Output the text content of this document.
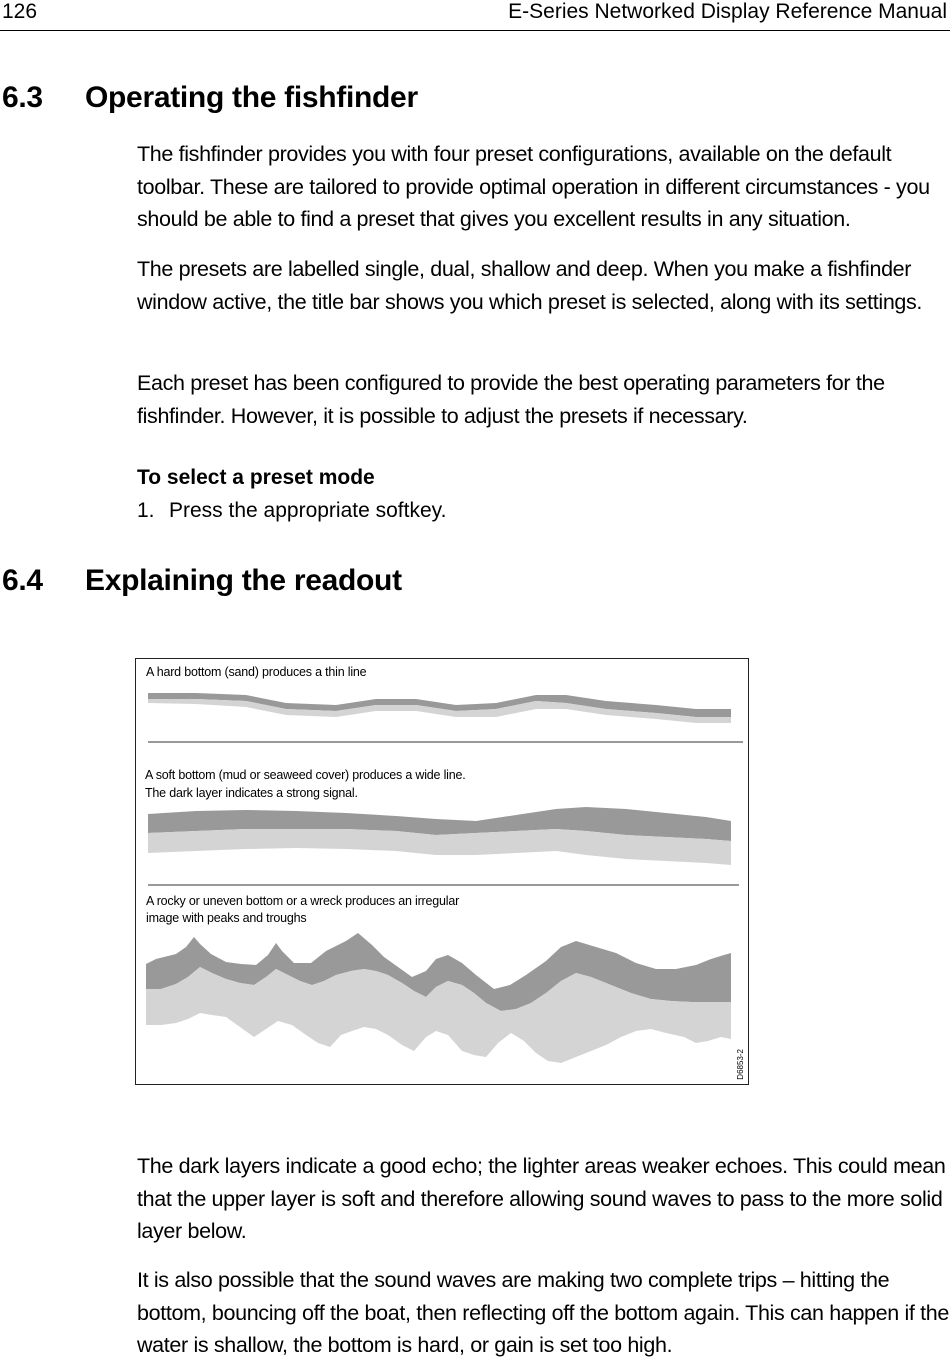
126	E-Series Networked Display Reference Manual
6.3 Operating the fishfinder

The fishfinder provides you with four preset configurations, available on the default toolbar. These are tailored to provide optimal operation in different circumstances - you should be able to find a preset that gives you excellent results in any situation.

The presets are labelled single, dual, shallow and deep. When you make a fishfinder window active, the title bar shows you which preset is selected, along with its settings.

Each preset has been configured to provide the best operating parameters for the fishfinder. However, it is possible to adjust the presets if necessary.

To select a preset mode

1. Press the appropriate softkey.
6.4 Explaining the readout
A hard bottom (sand) produces a thin line
A soft bottom (mud or seaweed cover) produces a wide line.
The dark layer indicates a strong signal.
A rocky or uneven bottom or a wreck produces an irregular
image with peaks and troughs
D6853-2

The dark layers indicate a good echo; the lighter areas weaker echoes. This could mean that the upper layer is soft and therefore allowing sound waves to pass to the more solid layer below.

It is also possible that the sound waves are making two complete trips – hitting the bottom, bouncing off the boat, then reflecting off the bottom again. This can happen if the water is shallow, the bottom is hard, or gain is set too high.
